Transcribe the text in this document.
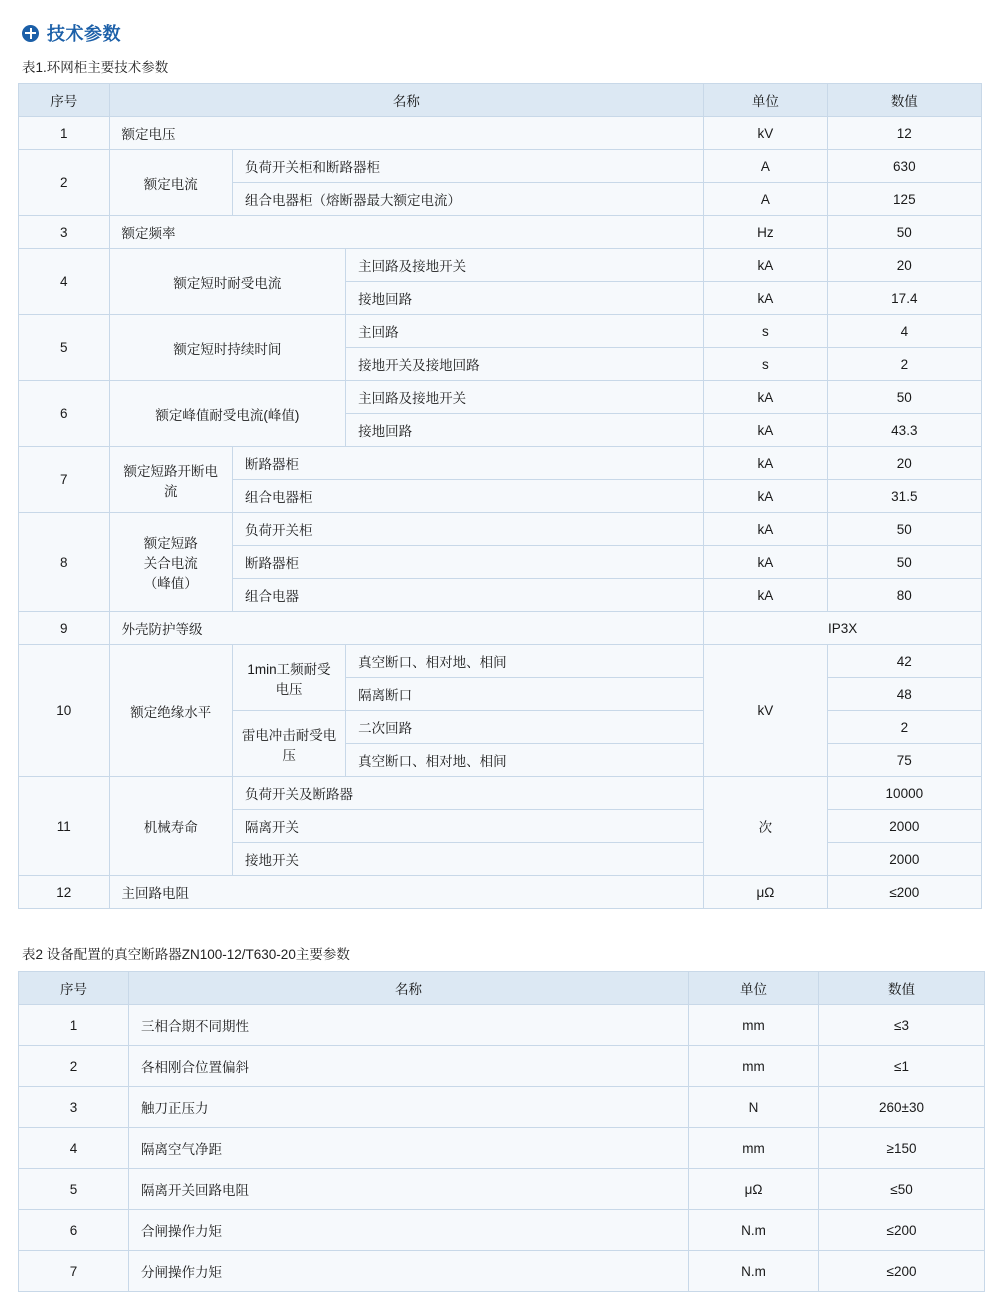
技术参数
表1.环网柜主要技术参数
序号	名称			单位	数值
1	额定电压			kV	12
2	额定电流	负荷开关柜和断路器柜		A	630
		组合电器柜（熔断器最大额定电流）		A	125
3	额定频率			Hz	50
4	额定短时耐受电流		主回路及接地开关	kA	20
			接地回路	kA	17.4
5	额定短时持续时间		主回路	s	4
			接地开关及接地回路	s	2
6	额定峰值耐受电流(峰值)		主回路及接地开关	kA	50
			接地回路	kA	43.3
7	额定短路开断电流	断路器柜		kA	20
		组合电器柜		kA	31.5
8	额定短路
关合电流
（峰值）	负荷开关柜		kA	50
		断路器柜		kA	50
		组合电器		kA	80
9	外壳防护等级			IP3X	
10	额定绝缘水平	1min工频耐受电压	真空断口、相对地、相间	kV	42
			隔离断口		48
		雷电冲击耐受电压	二次回路		2
			真空断口、相对地、相间		75
11	机械寿命	负荷开关及断路器		次	10000
		隔离开关			2000
		接地开关			2000
12	主回路电阻			μΩ	≤200
表2 设备配置的真空断路器ZN100-12/T630-20主要参数
序号	名称	单位	数值
1	三相合期不同期性	mm	≤3
2	各相刚合位置偏斜	mm	≤1
3	触刀正压力	N	260±30
4	隔离空气净距	mm	≥150
5	隔离开关回路电阻	μΩ	≤50
6	合闸操作力矩	N.m	≤200
7	分闸操作力矩	N.m	≤200
